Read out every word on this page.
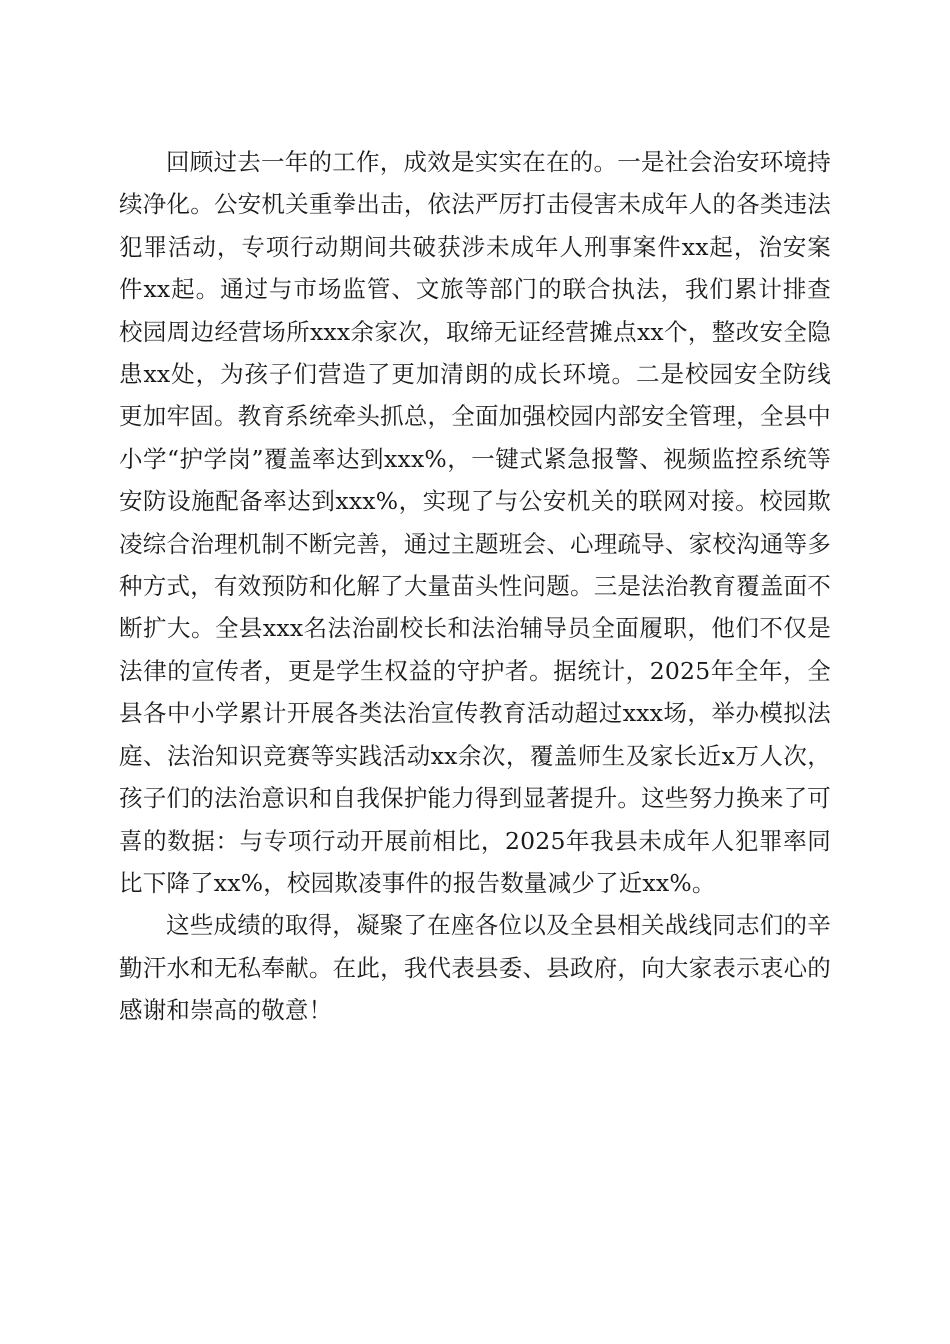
回顾过去一年的工作，成效是实实在在的。一是社会治安环境持续净化。公安机关重拳出击，依法严厉打击侵害未成年人的各类违法犯罪活动，专项行动期间共破获涉未成年人刑事案件xx起，治安案件xx起。通过与市场监管、文旅等部门的联合执法，我们累计排查校园周边经营场所xxx余家次，取缔无证经营摊点xx个，整改安全隐患xx处，为孩子们营造了更加清朗的成长环境。二是校园安全防线更加牢固。教育系统牵头抓总，全面加强校园内部安全管理，全县中小学“护学岗”覆盖率达到xxx%，一键式紧急报警、视频监控系统等安防设施配备率达到xxx%，实现了与公安机关的联网对接。校园欺凌综合治理机制不断完善，通过主题班会、心理疏导、家校沟通等多种方式，有效预防和化解了大量苗头性问题。三是法治教育覆盖面不断扩大。全县xxx名法治副校长和法治辅导员全面履职，他们不仅是法律的宣传者，更是学生权益的守护者。据统计，2025年全年，全县各中小学累计开展各类法治宣传教育活动超过xxx场，举办模拟法庭、法治知识竞赛等实践活动xx余次，覆盖师生及家长近x万人次，孩子们的法治意识和自我保护能力得到显著提升。这些努力换来了可喜的数据：与专项行动开展前相比，2025年我县未成年人犯罪率同比下降了xx%，校园欺凌事件的报告数量减少了近xx%。

这些成绩的取得，凝聚了在座各位以及全县相关战线同志们的辛勤汗水和无私奉献。在此，我代表县委、县政府，向大家表示衷心的感谢和崇高的敬意！
